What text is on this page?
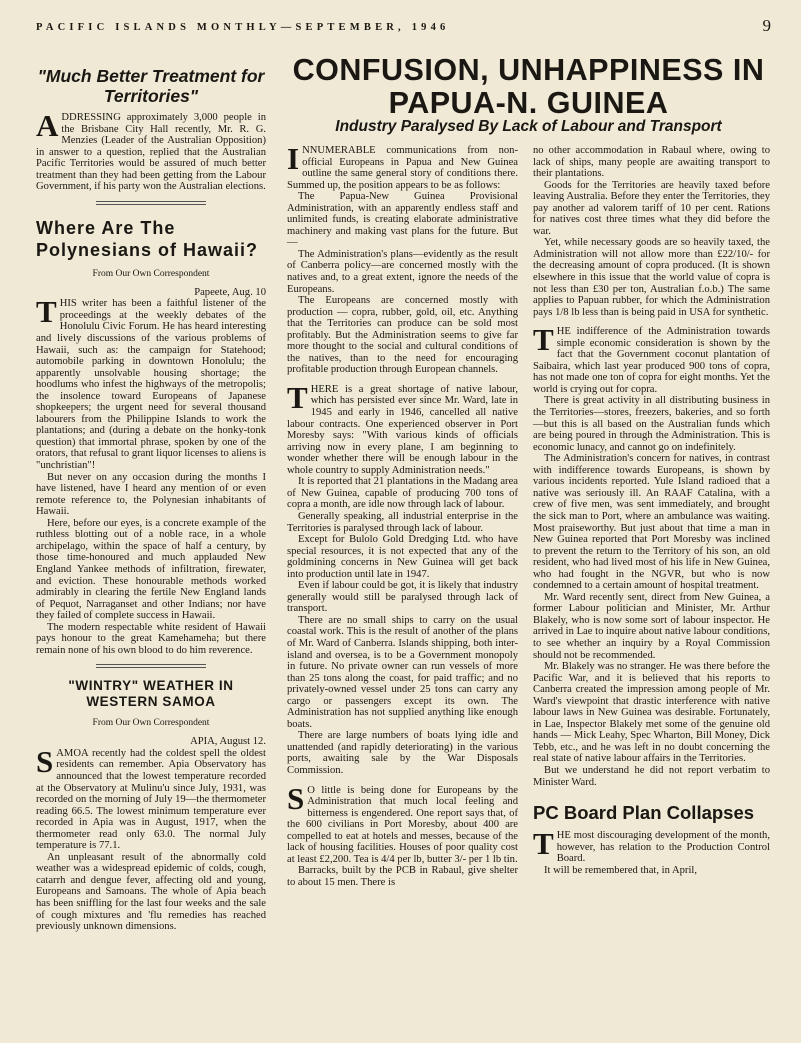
PACIFIC ISLANDS MONTHLY—SEPTEMBER, 1946	9
"Much Better Treatment for Territories"

ADDRESSING approximately 3,000 people in the Brisbane City Hall recently, Mr. R. G. Menzies (Leader of the Australian Opposition) in answer to a question, replied that the Australian Pacific Territories would be assured of much better treatment than they had been getting from the Labour Government, if his party won the Australian elections.

Where Are The Polynesians of Hawaii?
From Our Own Correspondent

Papeete, Aug. 10

THIS writer has been a faithful listener of the proceedings at the weekly debates of the Honolulu Civic Forum. He has heard interesting and lively discussions of the various problems of Hawaii, such as: the campaign for Statehood; automobile parking in downtown Honolulu; the apparently unsolvable housing shortage; the hoodlums who infest the highways of the metropolis; the insolence toward Europeans of Japanese shopkeepers; the urgent need for several thousand labourers from the Philippine Islands to work the plantations; and (during a debate on the honky-tonk question) that immortal phrase, spoken by one of the orators, that refusal to grant liquor licenses to aliens is "unchristian"!

But never on any occasion during the months I have listened, have I heard any mention of or even remote reference to, the Polynesian inhabitants of Hawaii.

Here, before our eyes, is a concrete example of the ruthless blotting out of a noble race, in a whole archipelago, within the space of half a century, by those time-honoured and much applauded New England Yankee methods of infiltration, firewater, and eviction. These honourable methods worked admirably in clearing the fertile New England lands of Pequot, Narraganset and other Indians; nor have they failed of complete success in Hawaii.

The modern respectable white resident of Hawaii pays honour to the great Kamehameha; but there remain none of his own blood to do him reverence.

"WINTRY" WEATHER IN WESTERN SAMOA
From Our Own Correspondent

APIA, August 12.

SAMOA recently had the coldest spell the oldest residents can remember. Apia Observatory has announced that the lowest temperature recorded at the Observatory at Mulinu'u since July, 1931, was recorded on the morning of July 19—the thermometer reading 66.5. The lowest minimum temperature ever recorded in Apia was in August, 1917, when the thermometer read only 63.0. The normal July temperature is 77.1.

An unpleasant result of the abnormally cold weather was a widespread epidemic of colds, cough, catarrh and dengue fever, affecting old and young, Europeans and Samoans. The whole of Apia beach has been sniffling for the last four weeks and the sale of cough mixtures and 'flu remedies has reached previously unknown dimensions.

CONFUSION, UNHAPPINESS IN PAPUA-N. GUINEA
Industry Paralysed By Lack of Labour and Transport

INNUMERABLE communications from non-official Europeans in Papua and New Guinea outline the same general story of conditions there. Summed up, the position appears to be as follows:

The Papua-New Guinea Provisional Administration, with an apparently endless staff and unlimited funds, is creating elaborate administrative machinery and making vast plans for the future. But—

The Administration's plans—evidently as the result of Canberra policy—are concerned mostly with the natives and, to a great extent, ignore the needs of the Europeans.

The Europeans are concerned mostly with production — copra, rubber, gold, oil, etc. Anything that the Territories can produce can be sold most profitably. But the Administration seems to give far more thought to the social and cultural conditions of the natives, than to the need for encouraging profitable production through European channels.

THERE is a great shortage of native labour, which has persisted ever since Mr. Ward, late in 1945 and early in 1946, cancelled all native labour contracts. One experienced observer in Port Moresby says: "With various kinds of officials arriving now in every plane, I am beginning to wonder whether there will be enough labour in the whole country to supply Administration needs."

It is reported that 21 plantations in the Madang area of New Guinea, capable of producing 700 tons of copra a month, are idle now through lack of labour.

Generally speaking, all industrial enterprise in the Territories is paralysed through lack of labour.

Except for Bulolo Gold Dredging Ltd. who have special resources, it is not expected that any of the goldmining concerns in New Guinea will get back into production until late in 1947.

Even if labour could be got, it is likely that industry generally would still be paralysed through lack of transport.

There are no small ships to carry on the usual coastal work. This is the result of another of the plans of Mr. Ward of Canberra. Islands shipping, both inter-island and oversea, is to be a Government monopoly in future. No private owner can run vessels of more than 25 tons along the coast, for paid traffic; and no privately-owned vessel under 25 tons can carry any cargo or passengers except its own. The Administration has not supplied anything like enough boats.

There are large numbers of boats lying idle and unattended (and rapidly deteriorating) in the various ports, awaiting sale by the War Disposals Commission.

S O little is being done for Europeans by the Administration that much local feeling and bitterness is engendered. One report says that, of the 600 civilians in Port Moresby, about 400 are compelled to eat at hotels and messes, because of the lack of housing facilities. Houses of poor quality cost at least £2,200. Tea is 4/4 per lb, butter 3/- per 1 lb tin.

Barracks, built by the PCB in Rabaul, give shelter to about 15 men. There is

no other accommodation in Rabaul where, owing to lack of ships, many people are awaiting transport to their plantations.

Goods for the Territories are heavily taxed before leaving Australia. Before they enter the Territories, they pay another ad valorem tariff of 10 per cent. Rations for natives cost three times what they did before the war.

Yet, while necessary goods are so heavily taxed, the Administration will not allow more than £22/10/- for the decreasing amount of copra produced. (It is shown elsewhere in this issue that the world value of copra is not less than £30 per ton, Australian f.o.b.) The same applies to Papuan rubber, for which the Administration pays 1/8 lb less than is being paid in USA for synthetic.

THE indifference of the Administration towards simple economic consideration is shown by the fact that the Government coconut plantation of Saibaira, which last year produced 900 tons of copra, has not made one ton of copra for eight months. Yet the world is crying out for copra.

There is great activity in all distributing business in the Territories—stores, freezers, bakeries, and so forth—but this is all based on the Australian funds which are being poured in through the Administration. This is economic lunacy, and cannot go on indefinitely.

The Administration's concern for natives, in contrast with indifference towards Europeans, is shown by various incidents reported. Yule Island radioed that a native was seriously ill. An RAAF Catalina, with a crew of five men, was sent immediately, and brought the sick man to Port, where an ambulance was waiting. Most praiseworthy. But just about that time a man in New Guinea reported that Port Moresby was inclined to prevent the return to the Territory of his son, an old resident, who had lived most of his life in New Guinea, who had fought in the NGVR, but who is now condemned to a certain amount of hospital treatment.

Mr. Ward recently sent, direct from New Guinea, a former Labour politician and Minister, Mr. Arthur Blakely, who is now some sort of labour inspector. He arrived in Lae to inquire about native labour conditions, to see whether an inquiry by a Royal Commission should not be recommended.

Mr. Blakely was no stranger. He was there before the Pacific War, and it is believed that his reports to Canberra created the impression among people of Mr. Ward's viewpoint that drastic interference with native labour laws in New Guinea was desirable. Fortunately, in Lae, Inspector Blakely met some of the genuine old hands — Mick Leahy, Spec Wharton, Bill Money, Dick Tebb, etc., and he was left in no doubt concerning the real state of native labour affairs in the Territories.

But we understand he did not report verbatim to Minister Ward.

PC Board Plan Collapses

THE most discouraging development of the month, however, has relation to the Production Control Board.

It will be remembered that, in April,
